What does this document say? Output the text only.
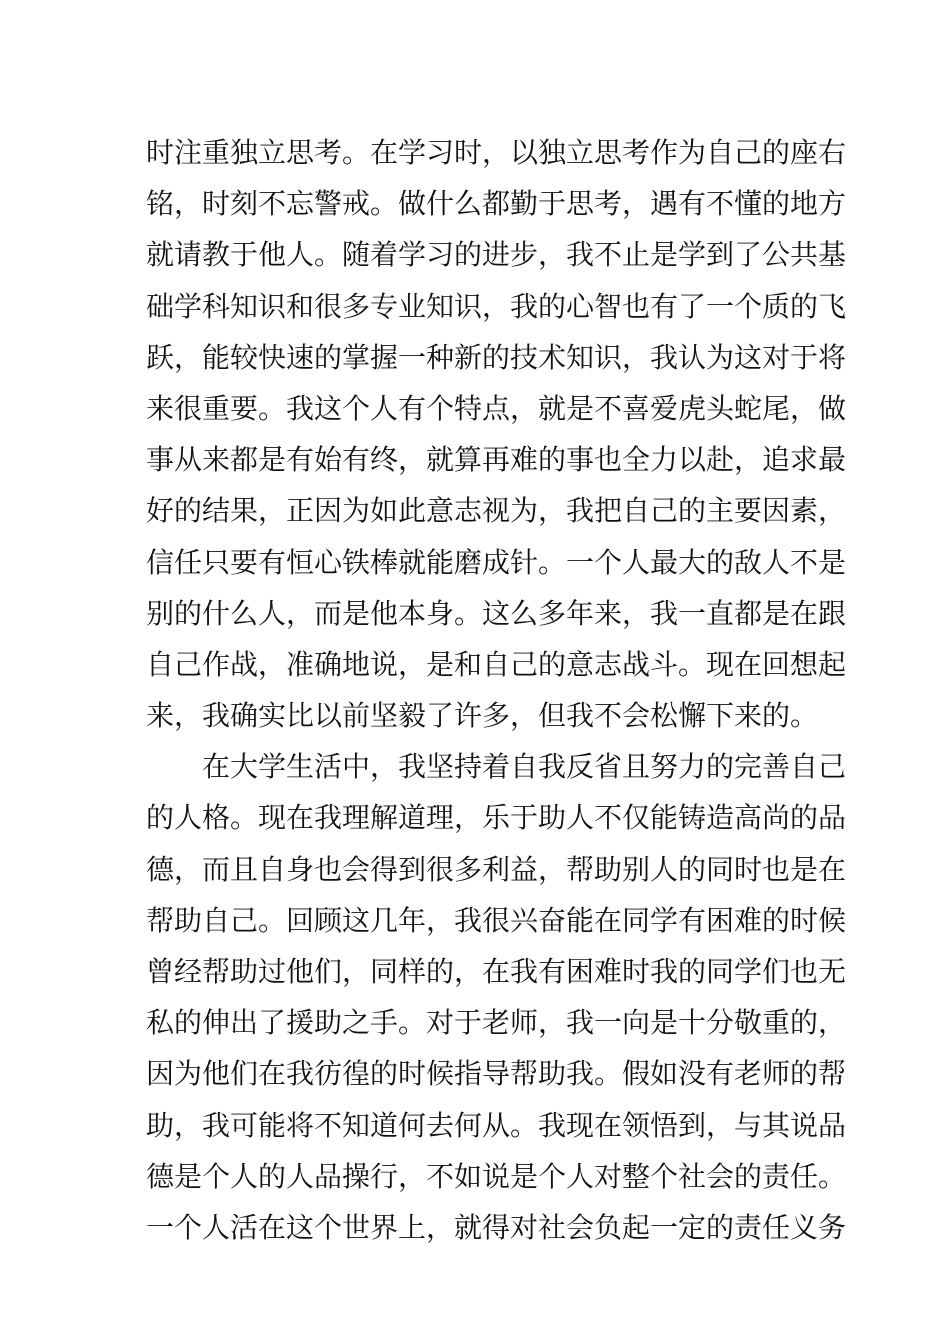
时注重独立思考。在学习时，以独立思考作为自己的座右
铭，时刻不忘警戒。做什么都勤于思考，遇有不懂的地方
就请教于他人。随着学习的进步，我不止是学到了公共基
础学科知识和很多专业知识，我的心智也有了一个质的飞
跃，能较快速的掌握一种新的技术知识，我认为这对于将
来很重要。我这个人有个特点，就是不喜爱虎头蛇尾，做
事从来都是有始有终，就算再难的事也全力以赴，追求最
好的结果，正因为如此意志视为，我把自己的主要因素，
信任只要有恒心铁棒就能磨成针。一个人最大的敌人不是
别的什么人，而是他本身。这么多年来，我一直都是在跟
自己作战，准确地说，是和自己的意志战斗。现在回想起
来，我确实比以前坚毅了许多，但我不会松懈下来的。
在大学生活中，我坚持着自我反省且努力的完善自己
的人格。现在我理解道理，乐于助人不仅能铸造高尚的品
德，而且自身也会得到很多利益，帮助别人的同时也是在
帮助自己。回顾这几年，我很兴奋能在同学有困难的时候
曾经帮助过他们，同样的，在我有困难时我的同学们也无
私的伸出了援助之手。对于老师，我一向是十分敬重的，
因为他们在我彷徨的时候指导帮助我。假如没有老师的帮
助，我可能将不知道何去何从。我现在领悟到，与其说品
德是个人的人品操行，不如说是个人对整个社会的责任。
一个人活在这个世界上，就得对社会负起一定的责任义务
